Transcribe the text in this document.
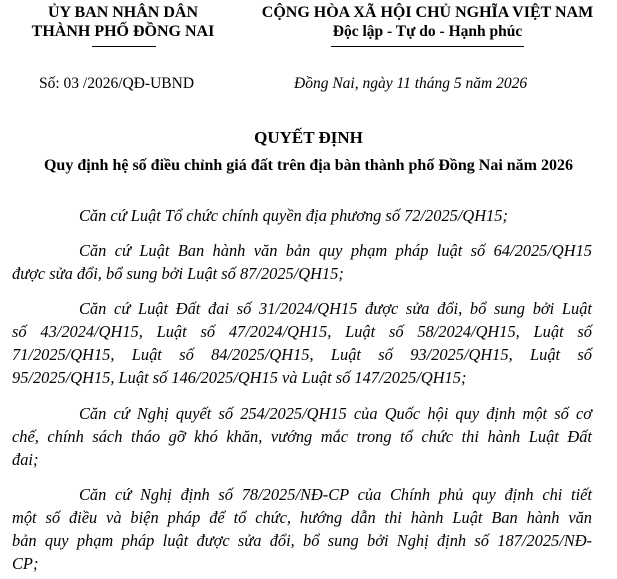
ỦY BAN NHÂN DÂN
THÀNH PHỐ ĐỒNG NAI
CỘNG HÒA XÃ HỘI CHỦ NGHĨA VIỆT NAM
Độc lập - Tự do - Hạnh phúc
Số: 03 /2026/QĐ-UBND	Đồng Nai, ngày 11 tháng 5 năm 2026
QUYẾT ĐỊNH
Quy định hệ số điều chỉnh giá đất trên địa bàn thành phố Đồng Nai năm 2026
Căn cứ Luật Tổ chức chính quyền địa phương số 72/2025/QH15;
Căn cứ Luật Ban hành văn bản quy phạm pháp luật số 64/2025/QH15
được sửa đổi, bổ sung bởi Luật số 87/2025/QH15;
Căn cứ Luật Đất đai số 31/2024/QH15 được sửa đổi, bổ sung bởi Luật
số 43/2024/QH15, Luật số 47/2024/QH15, Luật số 58/2024/QH15, Luật số
71/2025/QH15, Luật số 84/2025/QH15, Luật số 93/2025/QH15, Luật số
95/2025/QH15, Luật số 146/2025/QH15 và Luật số 147/2025/QH15;
Căn cứ Nghị quyết số 254/2025/QH15 của Quốc hội quy định một số cơ
chế, chính sách tháo gỡ khó khăn, vướng mắc trong tổ chức thi hành Luật Đất
đai;
Căn cứ Nghị định số 78/2025/NĐ-CP của Chính phủ quy định chi tiết
một số điều và biện pháp để tổ chức, hướng dẫn thi hành Luật Ban hành văn
bản quy phạm pháp luật được sửa đổi, bổ sung bởi Nghị định số 187/2025/NĐ-
CP;
